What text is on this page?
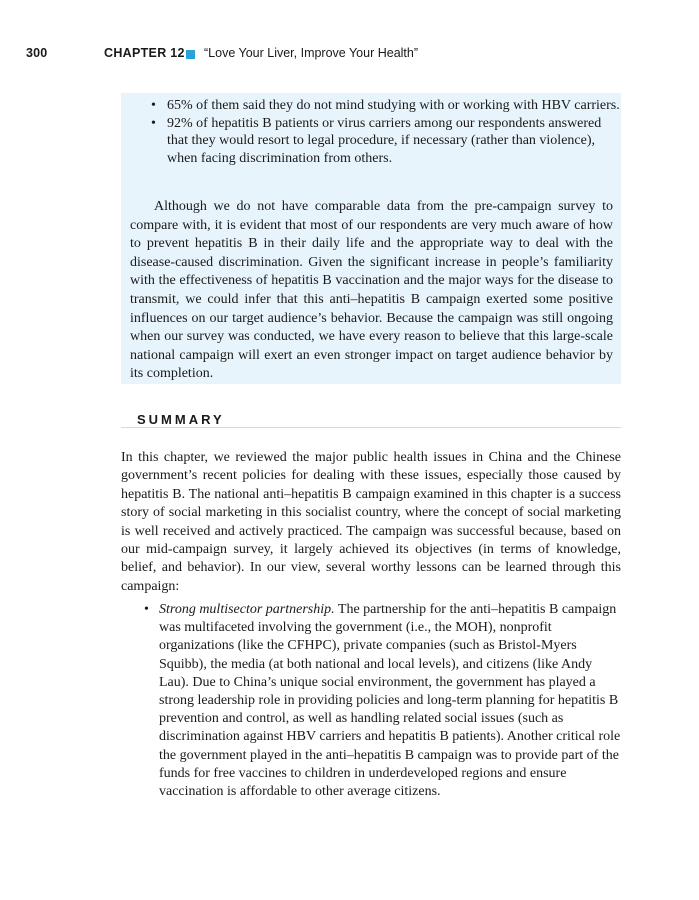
300	CHAPTER 12 “Love Your Liver, Improve Your Health”
• 65% of them said they do not mind studying with or working with HBV carriers.
• 92% of hepatitis B patients or virus carriers among our respondents answered that they would resort to legal procedure, if necessary (rather than violence), when facing discrimination from others.

Although we do not have comparable data from the pre-campaign survey to compare with, it is evident that most of our respondents are very much aware of how to prevent hepatitis B in their daily life and the appropriate way to deal with the disease-caused discrimination. Given the significant increase in people’s familiarity with the effectiveness of hepatitis B vaccination and the major ways for the disease to transmit, we could infer that this anti–hepatitis B campaign exerted some positive influences on our target audience’s behavior. Because the campaign was still ongoing when our survey was conducted, we have every reason to believe that this large-scale national campaign will exert an even stronger impact on target audience behavior by its completion.

SUMMARY

In this chapter, we reviewed the major public health issues in China and the Chinese government’s recent policies for dealing with these issues, especially those caused by hepatitis B. The national anti–hepatitis B campaign examined in this chapter is a success story of social marketing in this socialist country, where the concept of social marketing is well received and actively practiced. The campaign was successful because, based on our mid-campaign survey, it largely achieved its objectives (in terms of knowledge, belief, and behavior). In our view, several worthy lessons can be learned through this campaign:

• Strong multisector partnership. The partnership for the anti–hepatitis B campaign was multifaceted involving the government (i.e., the MOH), nonprofit organizations (like the CFHPC), private companies (such as Bristol-Myers Squibb), the media (at both national and local levels), and citizens (like Andy Lau). Due to China’s unique social environment, the government has played a strong leadership role in providing policies and long-term planning for hepatitis B prevention and control, as well as handling related social issues (such as discrimination against HBV carriers and hepatitis B patients). Another critical role the government played in the anti–hepatitis B campaign was to provide part of the funds for free vaccines to children in underdeveloped regions and ensure vaccination is affordable to other average citizens.
